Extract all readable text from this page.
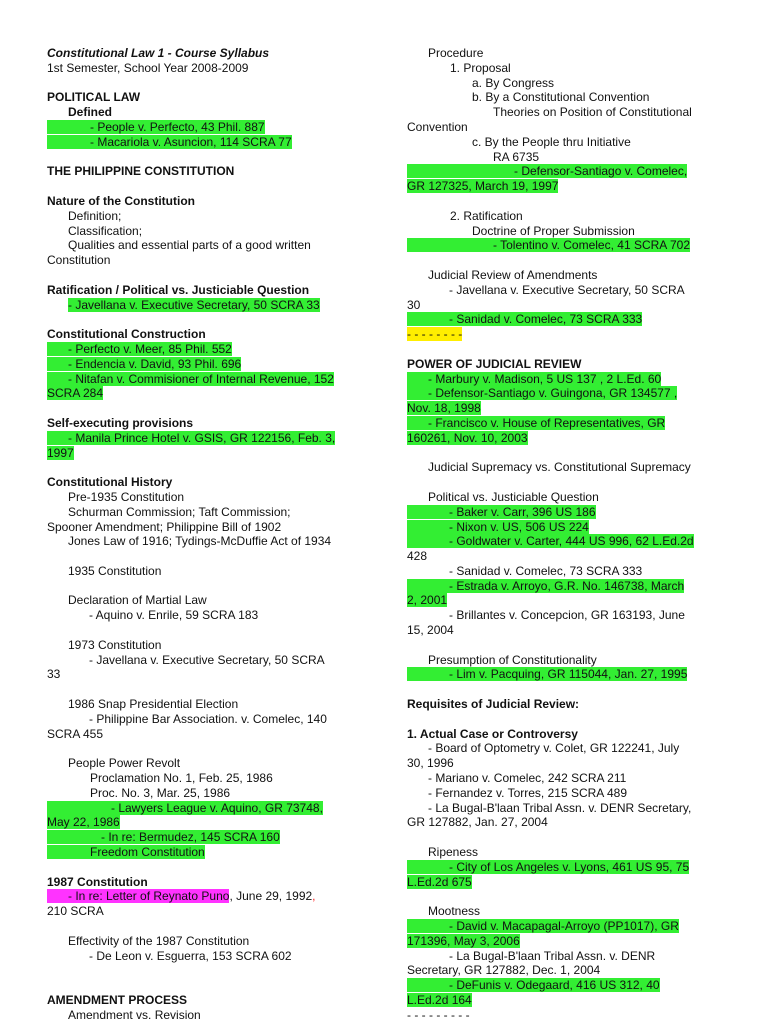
Constitutional Law 1 - Course Syllabus
1st Semester, School Year 2008-2009
POLITICAL LAW
Defined
- People v. Perfecto, 43 Phil. 887
- Macariola v. Asuncion, 114 SCRA 77
THE PHILIPPINE CONSTITUTION
Nature of the Constitution
Definition;
Classification;
Qualities and essential parts of a good written
Constitution
Ratification / Political vs. Justiciable Question
- Javellana v. Executive Secretary, 50 SCRA 33
Constitutional Construction
- Perfecto v. Meer, 85 Phil. 552
- Endencia v. David, 93 Phil. 696
- Nitafan v. Commisioner of Internal Revenue, 152
SCRA 284
Self-executing provisions
- Manila Prince Hotel v. GSIS, GR 122156, Feb. 3,
1997
Constitutional History
Pre-1935 Constitution
Schurman Commission; Taft Commission;
Spooner Amendment; Philippine Bill of 1902
Jones Law of 1916; Tydings-McDuffie Act of 1934
1935 Constitution
Declaration of Martial Law
- Aquino v. Enrile, 59 SCRA 183
1973 Constitution
- Javellana v. Executive Secretary, 50 SCRA
33
1986 Snap Presidential Election
- Philippine Bar Association. v. Comelec, 140
SCRA 455
People Power Revolt
Proclamation No. 1, Feb. 25, 1986
Proc. No. 3, Mar. 25, 1986
- Lawyers League v. Aquino, GR 73748,
May 22, 1986
- In re: Bermudez, 145 SCRA 160
Freedom Constitution
1987 Constitution
- In re: Letter of Reynato Puno, June 29, 1992,
210 SCRA
Effectivity of the 1987 Constitution
- De Leon v. Esguerra, 153 SCRA 602
AMENDMENT PROCESS
Amendment vs. Revision
Procedure
1. Proposal
a. By Congress
b. By a Constitutional Convention
Theories on Position of Constitutional
Convention
c. By the People thru Initiative
RA 6735
- Defensor-Santiago v. Comelec,
GR 127325, March 19, 1997
2. Ratification
Doctrine of Proper Submission
- Tolentino v. Comelec, 41 SCRA 702
Judicial Review of Amendments
- Javellana v. Executive Secretary, 50 SCRA
30
- Sanidad v. Comelec, 73 SCRA 333
- - - - - - - -
POWER OF JUDICIAL REVIEW
- Marbury v. Madison, 5 US 137 , 2 L.Ed. 60
- Defensor-Santiago v. Guingona, GR 134577 ,
Nov. 18, 1998
- Francisco v. House of Representatives, GR
160261, Nov. 10, 2003
Judicial Supremacy vs. Constitutional Supremacy
Political vs. Justiciable Question
- Baker v. Carr, 396 US 186
- Nixon v. US, 506 US 224
- Goldwater v. Carter, 444 US 996, 62 L.Ed.2d
428
- Sanidad v. Comelec, 73 SCRA 333
- Estrada v. Arroyo, G.R. No. 146738, March
2, 2001
- Brillantes v. Concepcion, GR 163193, June
15, 2004
Presumption of Constitutionality
- Lim v. Pacquing, GR 115044, Jan. 27, 1995
Requisites of Judicial Review:
1. Actual Case or Controversy
- Board of Optometry v. Colet, GR 122241, July
30, 1996
- Mariano v. Comelec, 242 SCRA 211
- Fernandez v. Torres, 215 SCRA 489
- La Bugal-B'laan Tribal Assn. v. DENR Secretary,
GR 127882, Jan. 27, 2004
Ripeness
- City of Los Angeles v. Lyons, 461 US 95, 75
L.Ed.2d 675
Mootness
- David v. Macapagal-Arroyo (PP1017), GR
171396, May 3, 2006
- La Bugal-B'laan Tribal Assn. v. DENR
Secretary, GR 127882, Dec. 1, 2004
- DeFunis v. Odegaard, 416 US 312, 40
L.Ed.2d 164
- - - - - - - - -
